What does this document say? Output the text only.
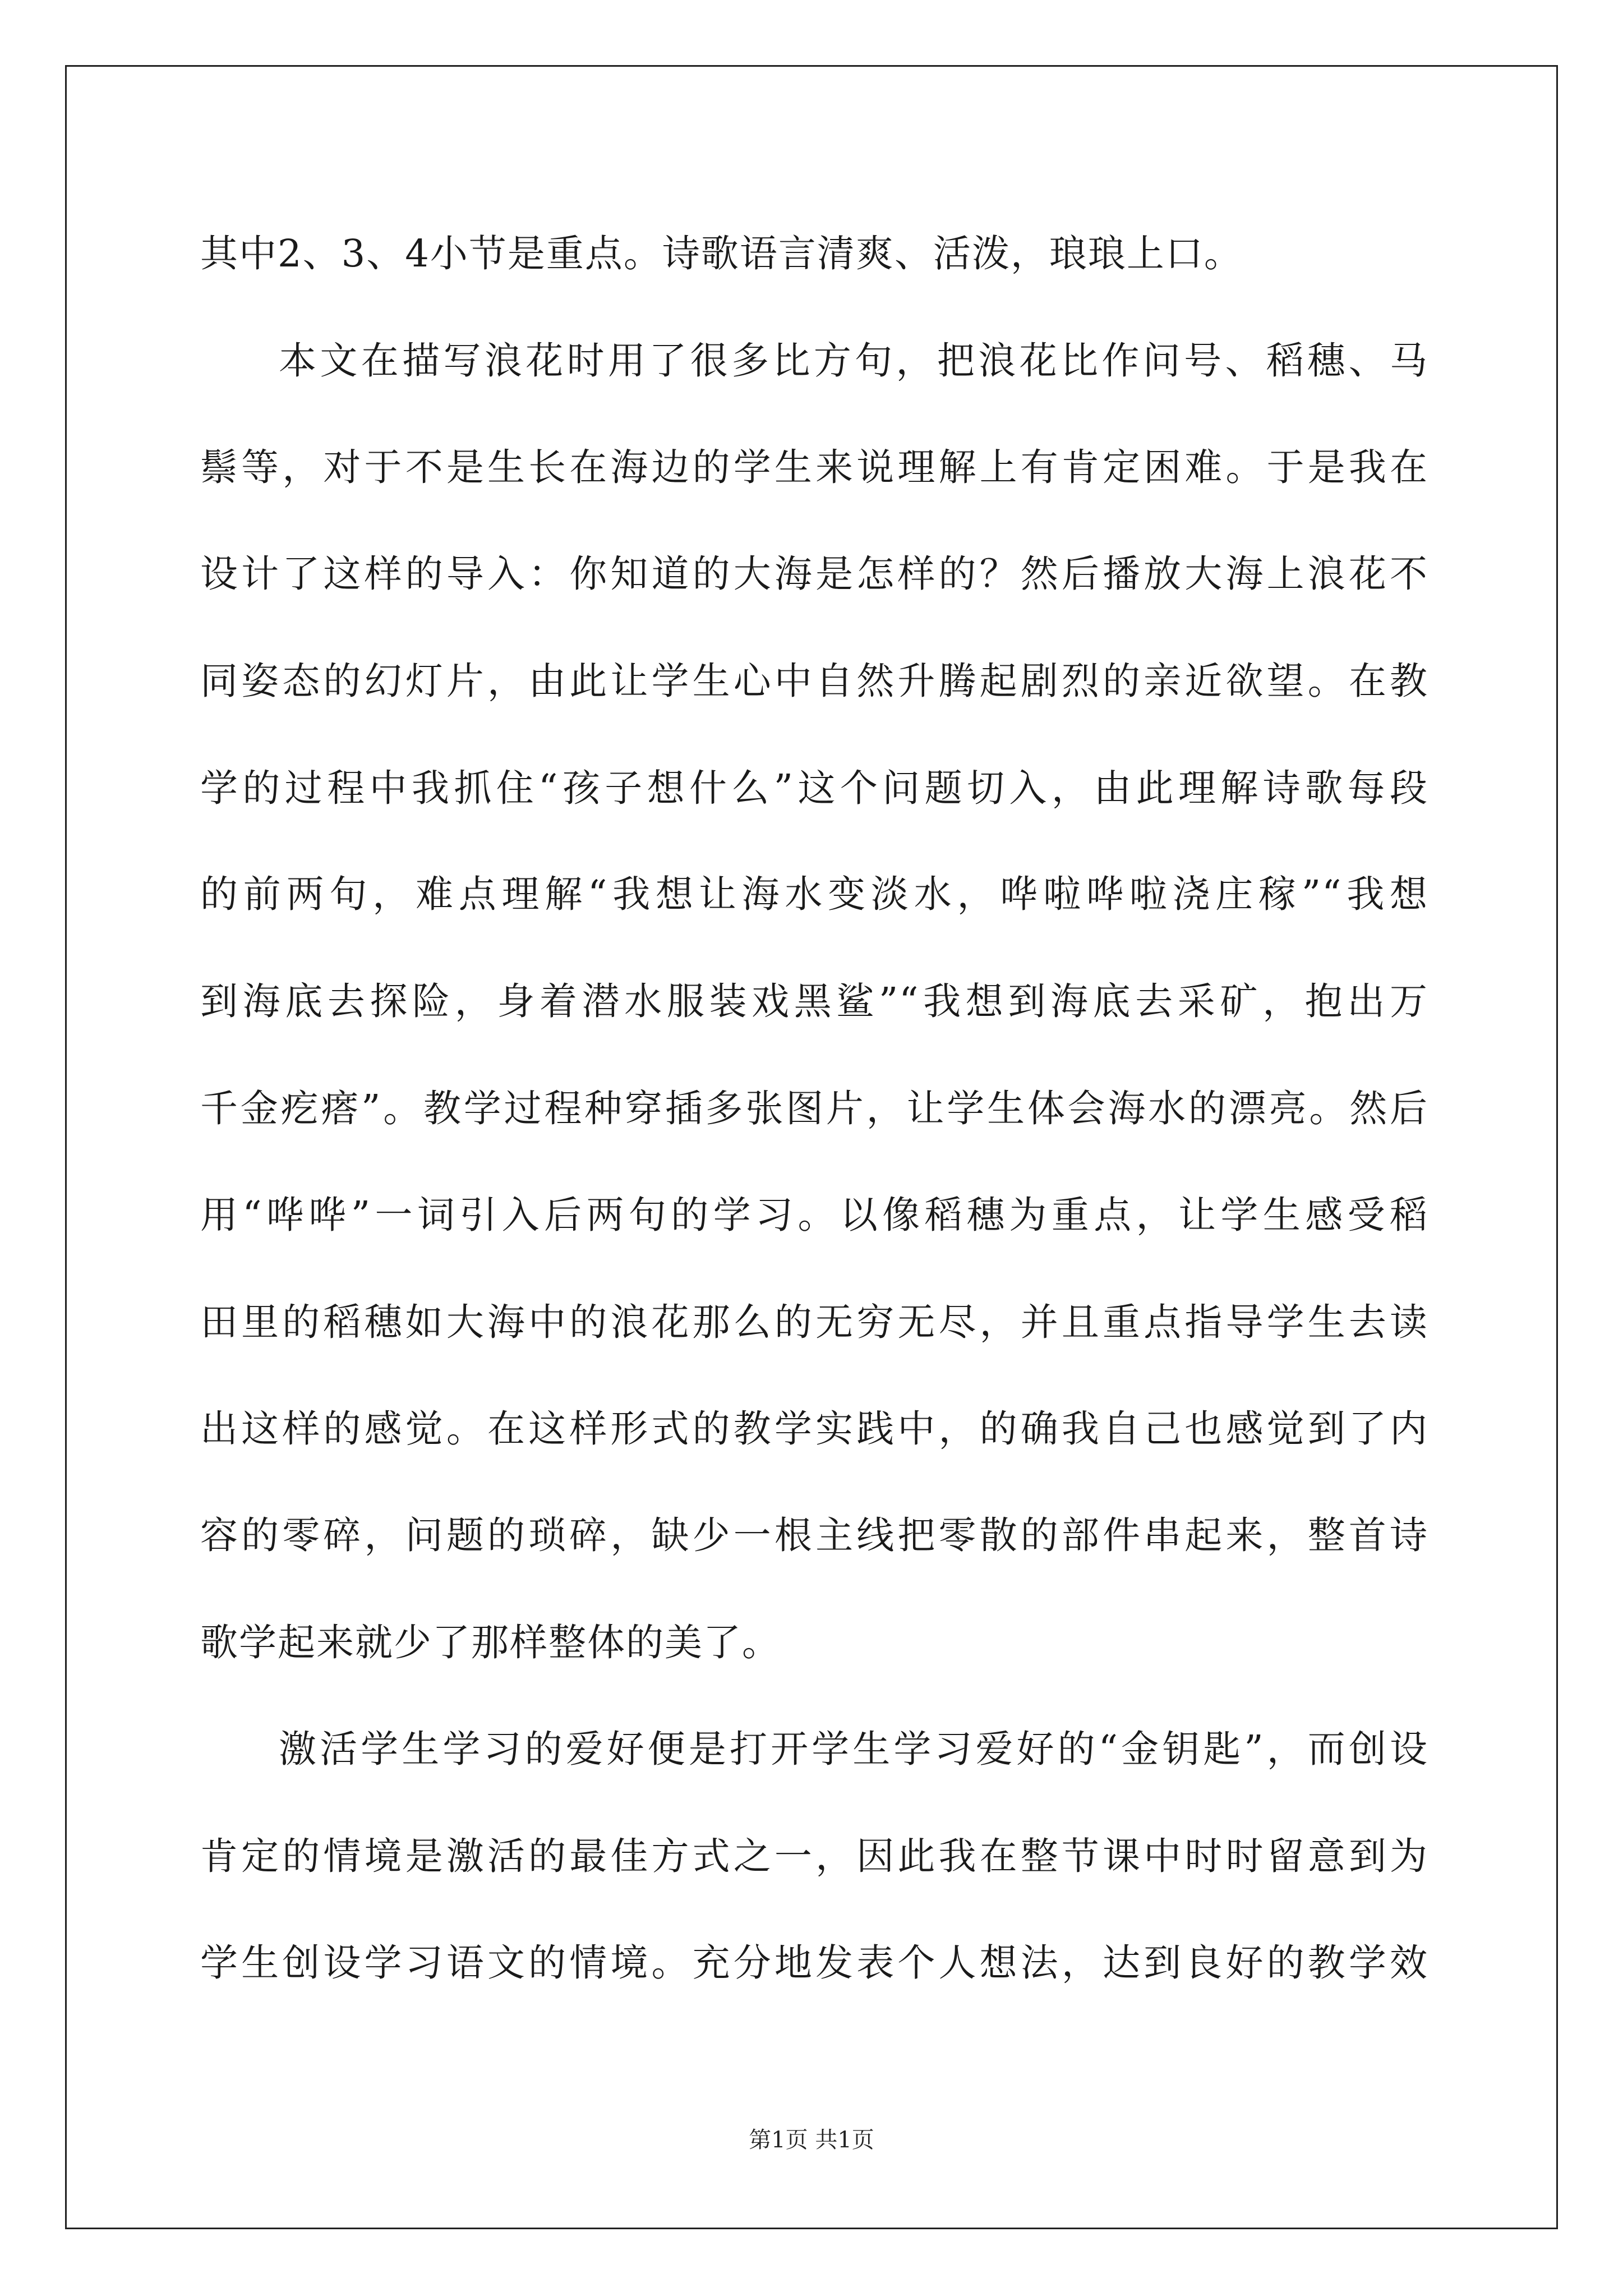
其中2、3、4小节是重点。诗歌语言清爽、活泼，琅琅上口。
本文在描写浪花时用了很多比方句，把浪花比作问号、稻穗、马
鬃等，对于不是生长在海边的学生来说理解上有肯定困难。于是我在
设计了这样的导入：你知道的大海是怎样的？然后播放大海上浪花不
同姿态的幻灯片，由此让学生心中自然升腾起剧烈的亲近欲望。在教
学的过程中我抓住“孩子想什么”这个问题切入，由此理解诗歌每段
的前两句，难点理解“我想让海水变淡水，哗啦哗啦浇庄稼”“我想
到海底去探险，身着潜水服装戏黑鲨”“我想到海底去采矿，抱出万
千金疙瘩”。教学过程种穿插多张图片，让学生体会海水的漂亮。然后
用“哗哗”一词引入后两句的学习。以像稻穗为重点，让学生感受稻
田里的稻穗如大海中的浪花那么的无穷无尽，并且重点指导学生去读
出这样的感觉。在这样形式的教学实践中，的确我自己也感觉到了内
容的零碎，问题的琐碎，缺少一根主线把零散的部件串起来，整首诗
歌学起来就少了那样整体的美了。
激活学生学习的爱好便是打开学生学习爱好的“金钥匙”，而创设
肯定的情境是激活的最佳方式之一，因此我在整节课中时时留意到为
学生创设学习语文的情境。充分地发表个人想法，达到良好的教学效
第1页 共1页
